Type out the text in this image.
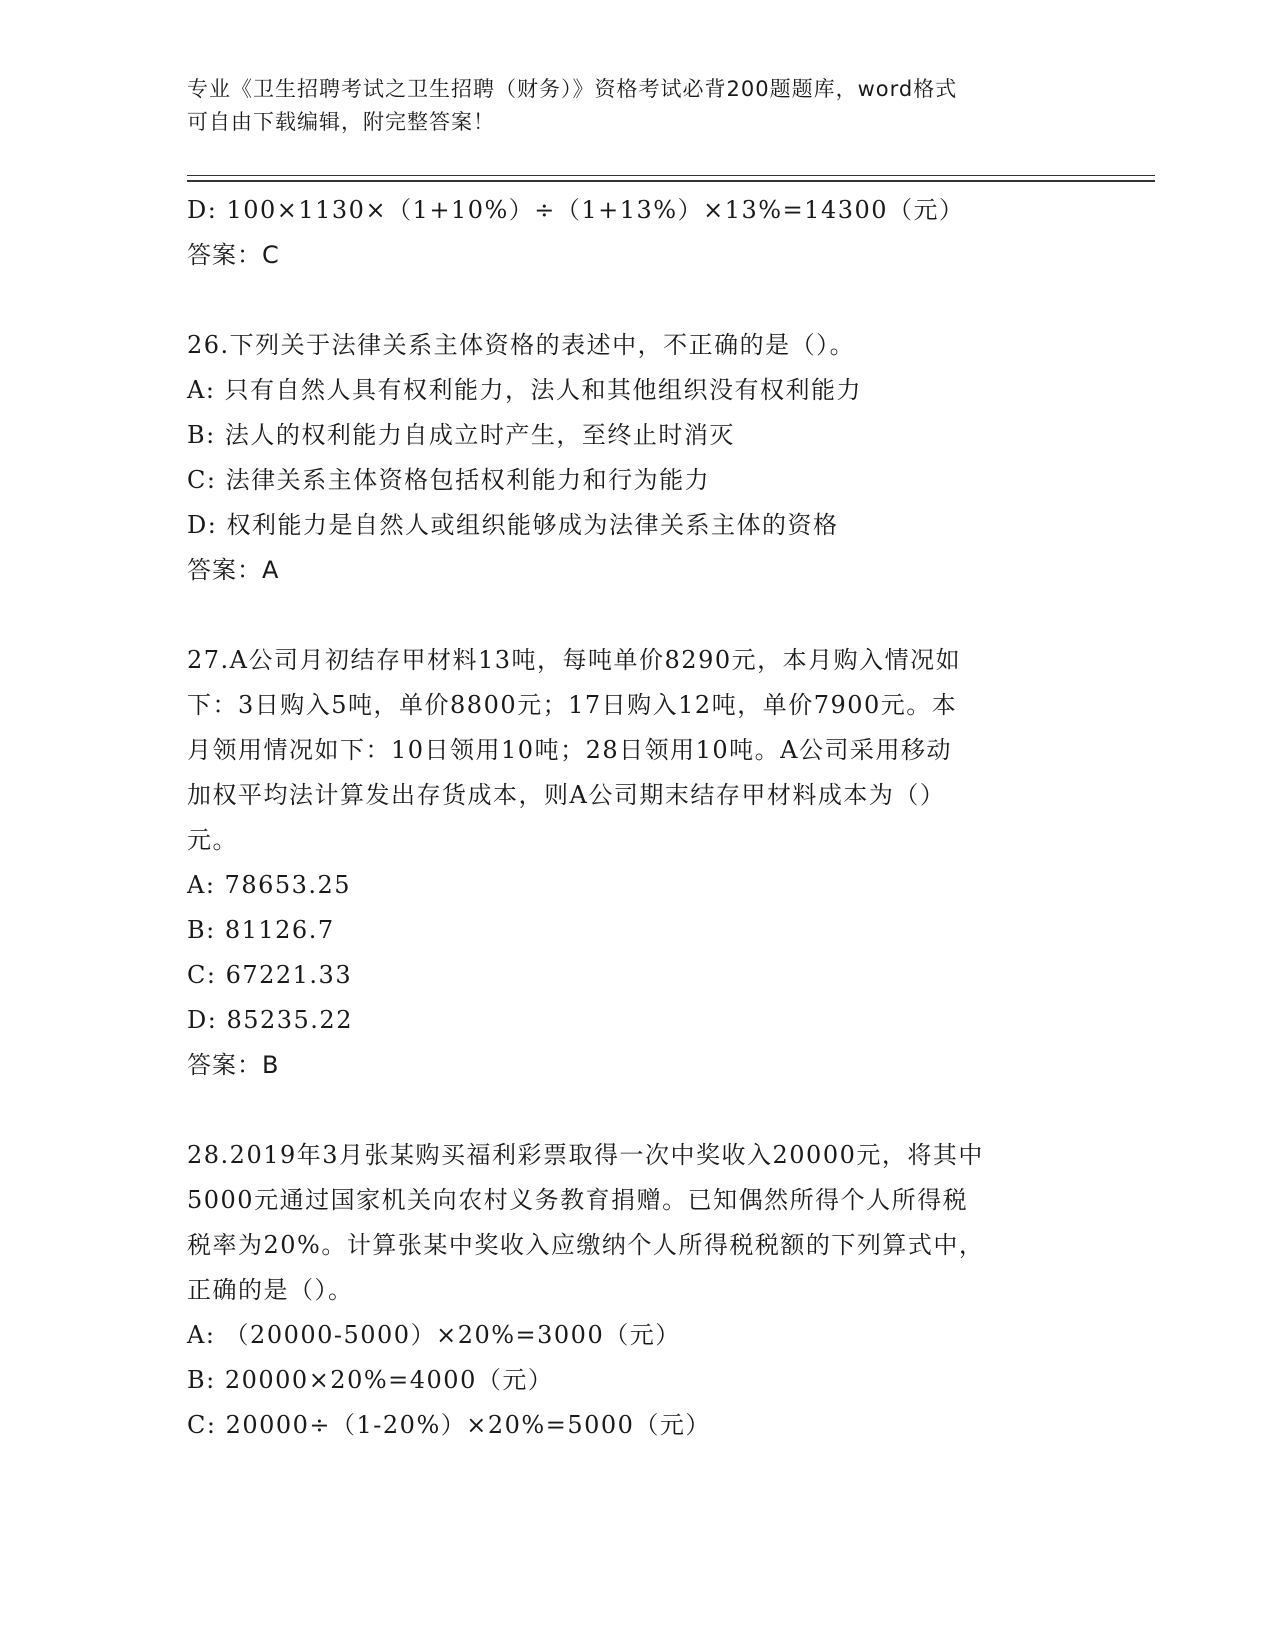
专业《卫生招聘考试之卫生招聘（财务）》资格考试必背200题题库，word格式
可自由下载编辑，附完整答案！
D: 100×1130×（1+10%）÷（1+13%）×13%=14300（元）
答案：C
26.下列关于法律关系主体资格的表述中，不正确的是（）。
A: 只有自然人具有权利能力，法人和其他组织没有权利能力
B: 法人的权利能力自成立时产生，至终止时消灭
C: 法律关系主体资格包括权利能力和行为能力
D: 权利能力是自然人或组织能够成为法律关系主体的资格
答案：A
27.A公司月初结存甲材料13吨，每吨单价8290元，本月购入情况如
下：3日购入5吨，单价8800元；17日购入12吨，单价7900元。本
月领用情况如下：10日领用10吨；28日领用10吨。A公司采用移动
加权平均法计算发出存货成本，则A公司期末结存甲材料成本为（）
元。
A: 78653.25
B: 81126.7
C: 67221.33
D: 85235.22
答案：B
28.2019年3月张某购买福利彩票取得一次中奖收入20000元，将其中
5000元通过国家机关向农村义务教育捐赠。已知偶然所得个人所得税
税率为20%。计算张某中奖收入应缴纳个人所得税税额的下列算式中，
正确的是（）。
A: （20000-5000）×20%=3000（元）
B: 20000×20%=4000（元）
C: 20000÷（1-20%）×20%=5000（元）
